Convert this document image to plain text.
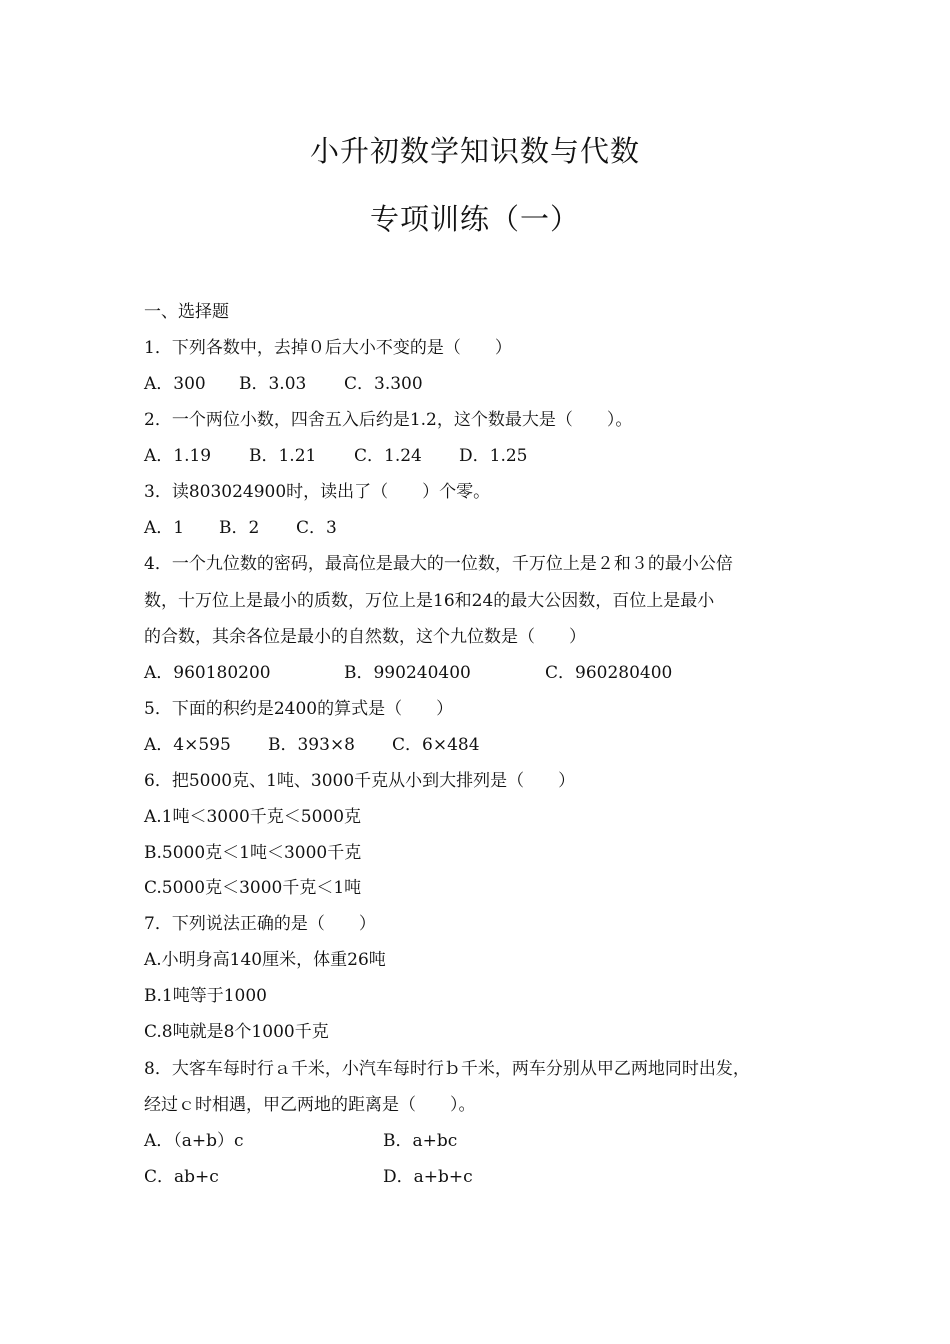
小升初数学知识数与代数
专项训练（一）
一、选择题
1．下列各数中，去掉０后大小不变的是（　　）
A．300 B．3.03 C．3.300
2．一个两位小数，四舍五入后约是1.2，这个数最大是（　　）。
A．1.19 B．1.21 C．1.24 D．1.25
3．读803024900时，读出了（　　）个零。
A．1 B．2 C．3
4．一个九位数的密码，最高位是最大的一位数，千万位上是２和３的最小公倍
数，十万位上是最小的质数，万位上是16和24的最大公因数，百位上是最小
的合数，其余各位是最小的自然数，这个九位数是（　　）
A．960180200	B．990240400	C．960280400
5．下面的积约是2400的算式是（　　）
A．4×595 B．393×8 C．6×484
6．把5000克、1吨、3000千克从小到大排列是（　　）
A.1吨＜3000千克＜5000克
B.5000克＜1吨＜3000千克
C.5000克＜3000千克＜1吨
7．下列说法正确的是（　　）
A.小明身高140厘米，体重26吨
B.1吨等于1000
C.8吨就是8个1000千克
8．大客车每时行ａ千米，小汽车每时行ｂ千米，两车分别从甲乙两地同时出发，
经过ｃ时相遇，甲乙两地的距离是（　　）。
A．（a+b）c	B．a+bc
C．ab+c	D．a+b+c
